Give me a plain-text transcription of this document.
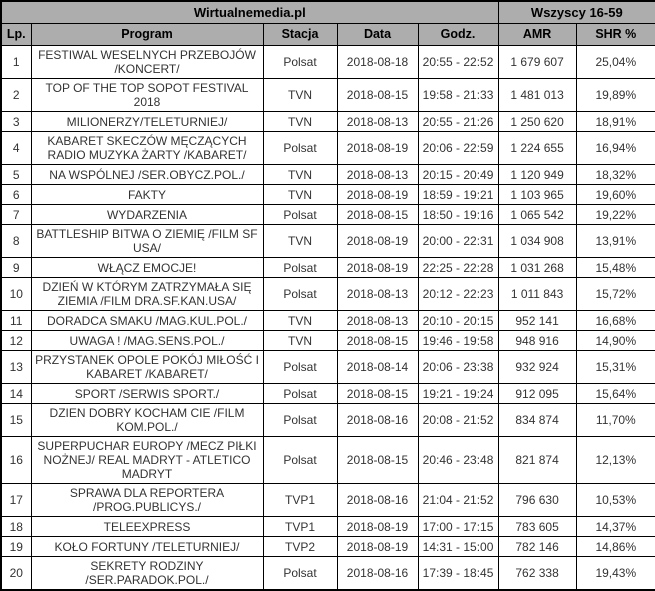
Wirtualnemedia.pl					Wszyscy 16-59	
Lp.	Program	Stacja	Data	Godz.	AMR	SHR %
1	FESTIWAL WESELNYCH PRZEBOJÓW /KONCERT/	Polsat	2018-08-18	20:55 - 22:52	1 679 607	25,04%
2	TOP OF THE TOP SOPOT FESTIVAL 2018	TVN	2018-08-15	19:58 - 21:33	1 481 013	19,89%
3	MILIONERZY/TELETURNIEJ/	TVN	2018-08-13	20:55 - 21:26	1 250 620	18,91%
4	KABARET SKECZÓW MĘCZĄCYCH RADIO MUZYKA ŻARTY /KABARET/	Polsat	2018-08-19	20:06 - 22:59	1 224 655	16,94%
5	NA WSPÓLNEJ /SER.OBYCZ.POL./	TVN	2018-08-13	20:15 - 20:49	1 120 949	18,32%
6	FAKTY	TVN	2018-08-19	18:59 - 19:21	1 103 965	19,60%
7	WYDARZENIA	Polsat	2018-08-15	18:50 - 19:16	1 065 542	19,22%
8	BATTLESHIP BITWA O ZIEMIĘ /FILM SF USA/	TVN	2018-08-19	20:00 - 22:31	1 034 908	13,91%
9	WŁĄCZ EMOCJE!	Polsat	2018-08-19	22:25 - 22:28	1 031 268	15,48%
10	DZIEŃ W KTÓRYM ZATRZYMAŁA SIĘ ZIEMIA /FILM DRA.SF.KAN.USA/	Polsat	2018-08-13	20:12 - 22:23	1 011 843	15,72%
11	DORADCA SMAKU /MAG.KUL.POL./	TVN	2018-08-13	20:10 - 20:15	952 141	16,68%
12	UWAGA ! /MAG.SENS.POL./	TVN	2018-08-15	19:46 - 19:58	948 916	14,90%
13	PRZYSTANEK OPOLE POKÓJ MIŁOŚĆ I KABARET /KABARET/	Polsat	2018-08-14	20:06 - 23:38	932 924	15,31%
14	SPORT /SERWIS SPORT./	Polsat	2018-08-15	19:21 - 19:24	912 095	15,64%
15	DZIEN DOBRY KOCHAM CIE /FILM KOM.POL./	Polsat	2018-08-16	20:08 - 21:52	834 874	11,70%
16	SUPERPUCHAR EUROPY /MECZ PIŁKI NOŻNEJ/ REAL MADRYT - ATLETICO MADRYT	Polsat	2018-08-15	20:46 - 23:48	821 874	12,13%
17	SPRAWA DLA REPORTERA /PROG.PUBLICYS./	TVP1	2018-08-16	21:04 - 21:52	796 630	10,53%
18	TELEEXPRESS	TVP1	2018-08-19	17:00 - 17:15	783 605	14,37%
19	KOŁO FORTUNY /TELETURNIEJ/	TVP2	2018-08-19	14:31 - 15:00	782 146	14,86%
20	SEKRETY RODZINY /SER.PARADOK.POL./	Polsat	2018-08-16	17:39 - 18:45	762 338	19,43%
